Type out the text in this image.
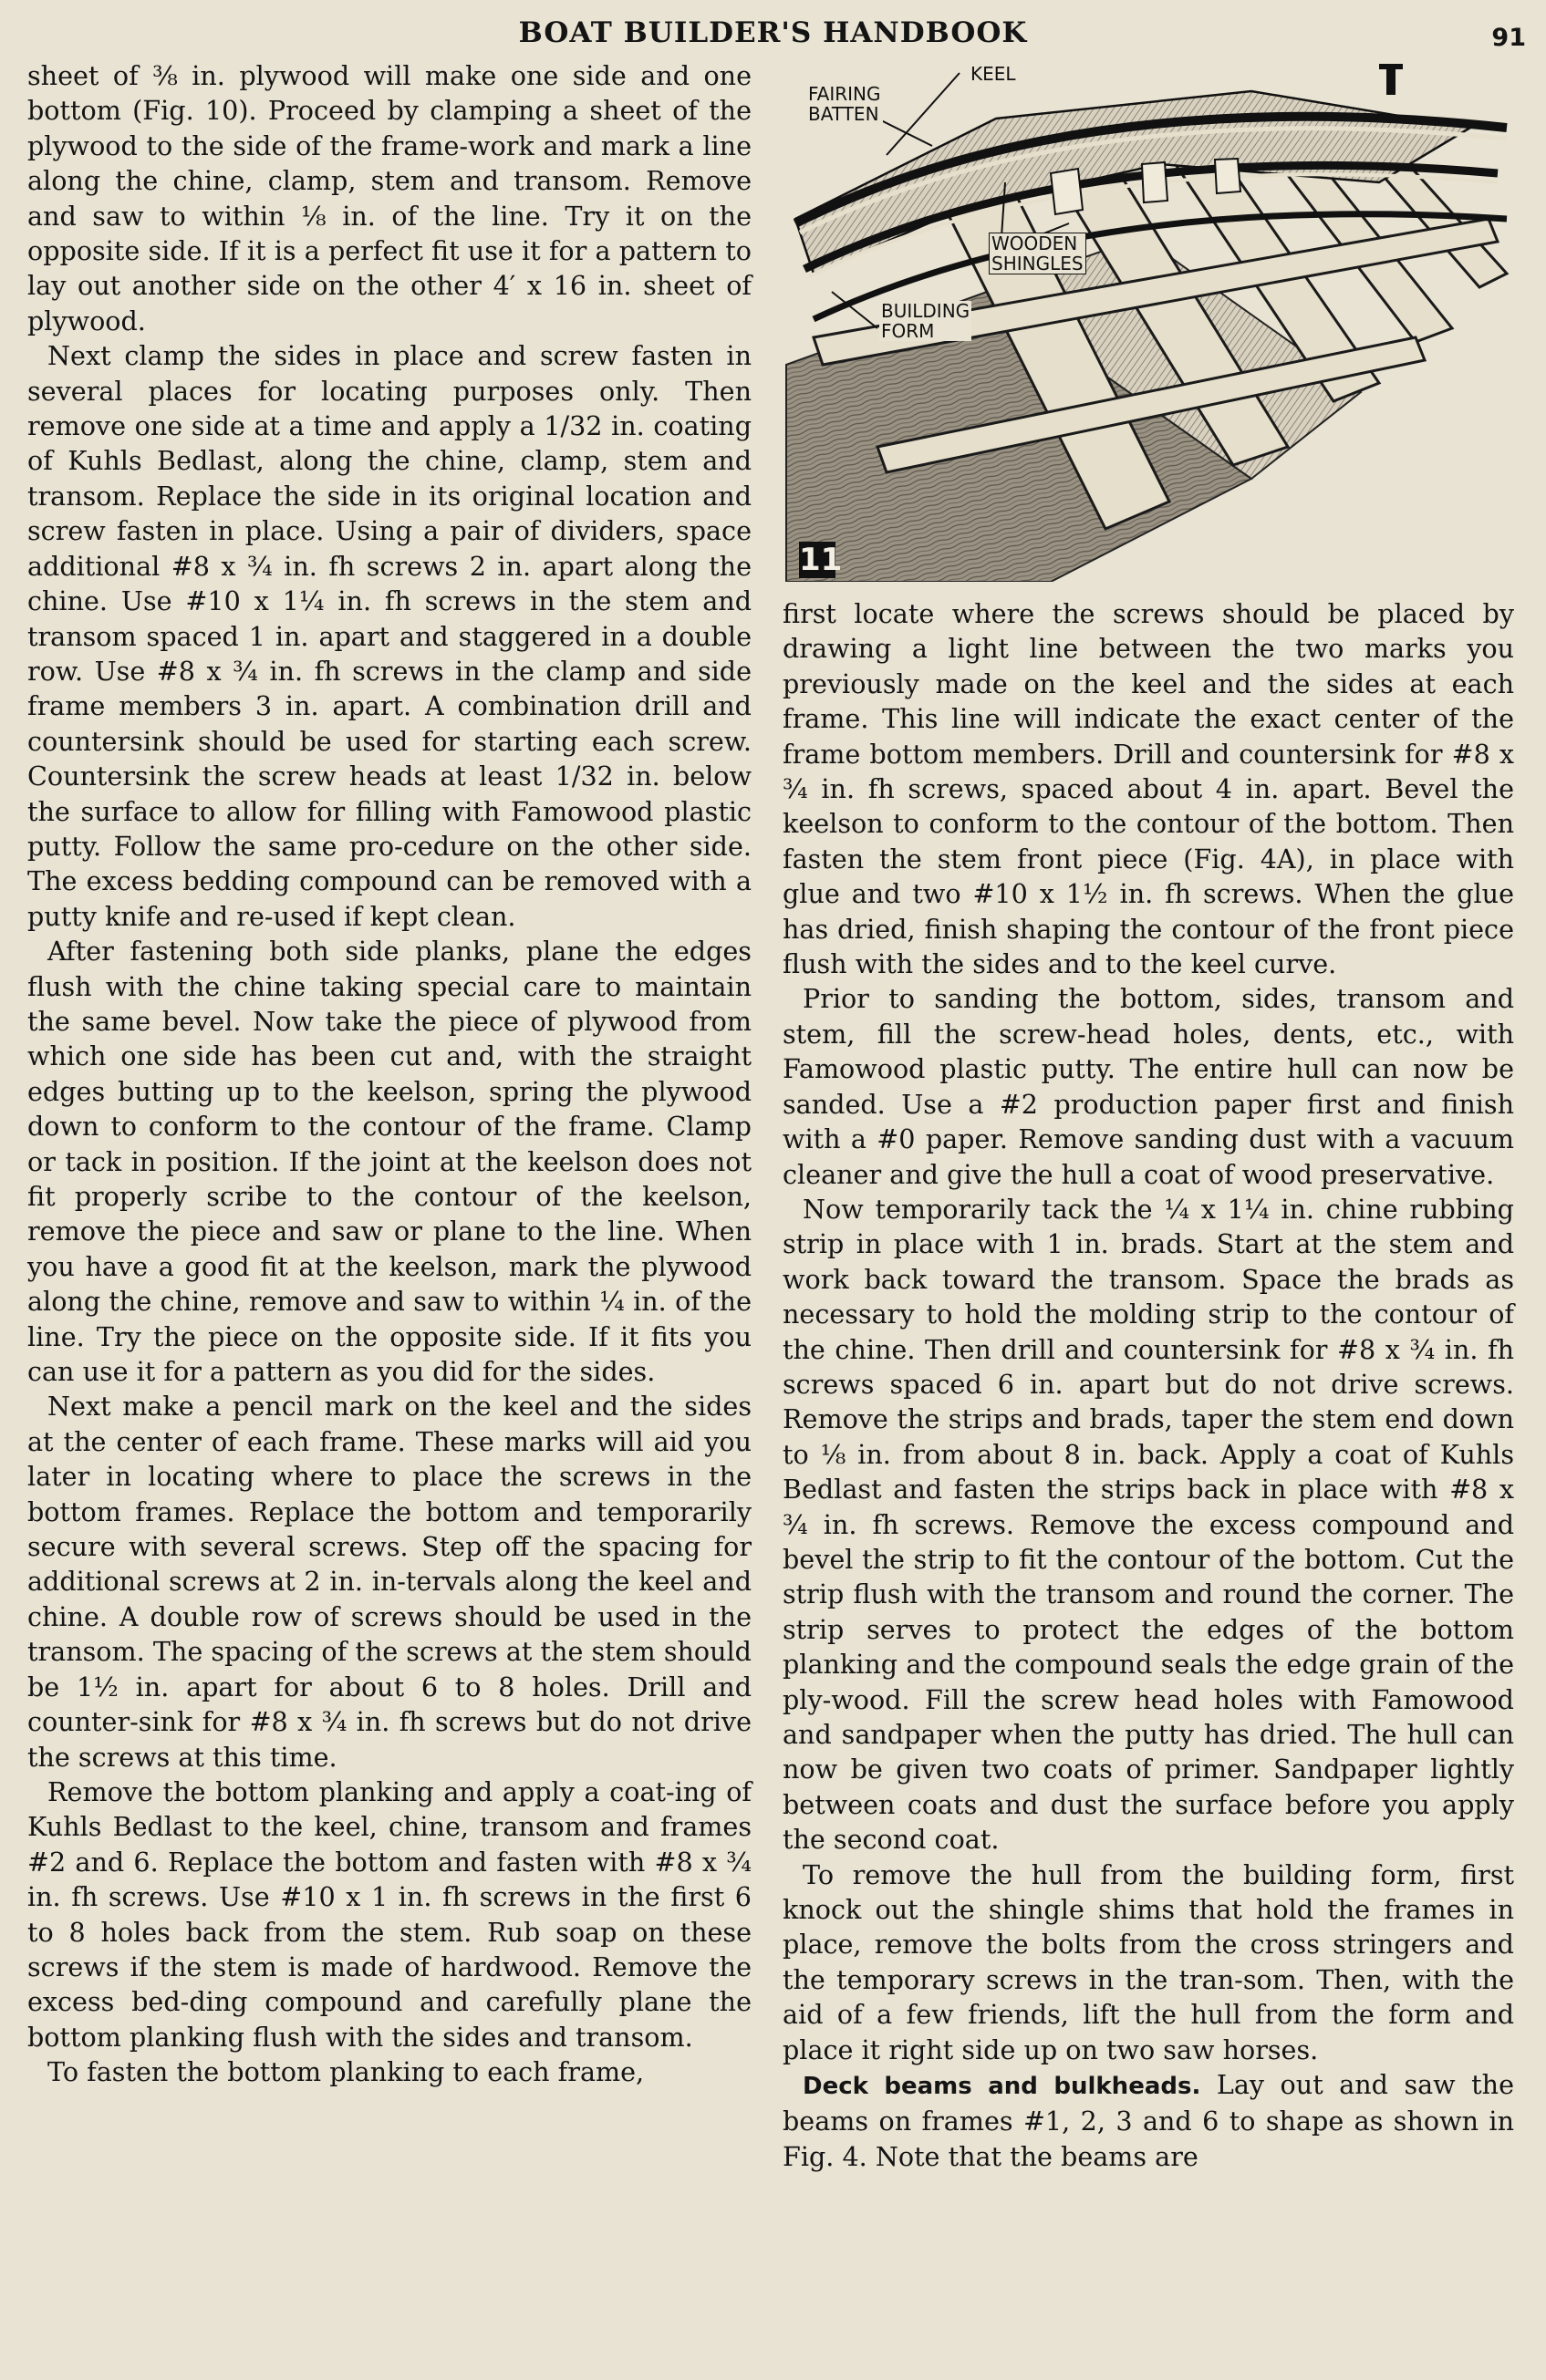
BOAT BUILDER'S HANDBOOK	91

sheet of ⅜ in. plywood will make one side and one bottom (Fig. 10). Proceed by clamping a sheet of the plywood to the side of the frame-work and mark a line along the chine, clamp, stem and transom. Remove and saw to within ⅛ in. of the line. Try it on the opposite side. If it is a perfect fit use it for a pattern to lay out another side on the other 4′ x 16 in. sheet of plywood.

Next clamp the sides in place and screw fasten in several places for locating purposes only. Then remove one side at a time and apply a 1/32 in. coating of Kuhls Bedlast, along the chine, clamp, stem and transom. Replace the side in its original location and screw fasten in place. Using a pair of dividers, space additional #8 x ¾ in. fh screws 2 in. apart along the chine. Use #10 x 1¼ in. fh screws in the stem and transom spaced 1 in. apart and staggered in a double row. Use #8 x ¾ in. fh screws in the clamp and side frame members 3 in. apart. A combination drill and countersink should be used for starting each screw. Countersink the screw heads at least 1/32 in. below the surface to allow for filling with Famowood plastic putty. Follow the same pro-cedure on the other side. The excess bedding compound can be removed with a putty knife and re-used if kept clean.

After fastening both side planks, plane the edges flush with the chine taking special care to maintain the same bevel. Now take the piece of plywood from which one side has been cut and, with the straight edges butting up to the keelson, spring the plywood down to conform to the contour of the frame. Clamp or tack in position. If the joint at the keelson does not fit properly scribe to the contour of the keelson, remove the piece and saw or plane to the line. When you have a good fit at the keelson, mark the plywood along the chine, remove and saw to within ¼ in. of the line. Try the piece on the opposite side. If it fits you can use it for a pattern as you did for the sides.

Next make a pencil mark on the keel and the sides at the center of each frame. These marks will aid you later in locating where to place the screws in the bottom frames. Replace the bottom and temporarily secure with several screws. Step off the spacing for additional screws at 2 in. in-tervals along the keel and chine. A double row of screws should be used in the transom. The spacing of the screws at the stem should be 1½ in. apart for about 6 to 8 holes. Drill and counter-sink for #8 x ¾ in. fh screws but do not drive the screws at this time.

Remove the bottom planking and apply a coat-ing of Kuhls Bedlast to the keel, chine, transom and frames #2 and 6. Replace the bottom and fasten with #8 x ¾ in. fh screws. Use #10 x 1 in. fh screws in the first 6 to 8 holes back from the stem. Rub soap on these screws if the stem is made of hardwood. Remove the excess bed-ding compound and carefully plane the bottom planking flush with the sides and transom.

To fasten the bottom planking to each frame,

KEEL
FAIRING
BATTEN
WOODEN
SHINGLES
BUILDING
FORM
11

first locate where the screws should be placed by drawing a light line between the two marks you previously made on the keel and the sides at each frame. This line will indicate the exact center of the frame bottom members. Drill and countersink for #8 x ¾ in. fh screws, spaced about 4 in. apart. Bevel the keelson to conform to the contour of the bottom. Then fasten the stem front piece (Fig. 4A), in place with glue and two #10 x 1½ in. fh screws. When the glue has dried, finish shaping the contour of the front piece flush with the sides and to the keel curve.

Prior to sanding the bottom, sides, transom and stem, fill the screw-head holes, dents, etc., with Famowood plastic putty. The entire hull can now be sanded. Use a #2 production paper first and finish with a #0 paper. Remove sanding dust with a vacuum cleaner and give the hull a coat of wood preservative.

Now temporarily tack the ¼ x 1¼ in. chine rubbing strip in place with 1 in. brads. Start at the stem and work back toward the transom. Space the brads as necessary to hold the molding strip to the contour of the chine. Then drill and countersink for #8 x ¾ in. fh screws spaced 6 in. apart but do not drive screws. Remove the strips and brads, taper the stem end down to ⅛ in. from about 8 in. back. Apply a coat of Kuhls Bedlast and fasten the strips back in place with #8 x ¾ in. fh screws. Remove the excess compound and bevel the strip to fit the contour of the bottom. Cut the strip flush with the transom and round the corner. The strip serves to protect the edges of the bottom planking and the compound seals the edge grain of the ply-wood. Fill the screw head holes with Famowood and sandpaper when the putty has dried. The hull can now be given two coats of primer. Sandpaper lightly between coats and dust the surface before you apply the second coat.

To remove the hull from the building form, first knock out the shingle shims that hold the frames in place, remove the bolts from the cross stringers and the temporary screws in the tran-som. Then, with the aid of a few friends, lift the hull from the form and place it right side up on two saw horses.

Deck beams and bulkheads. Lay out and saw the beams on frames #1, 2, 3 and 6 to shape as shown in Fig. 4. Note that the beams are
